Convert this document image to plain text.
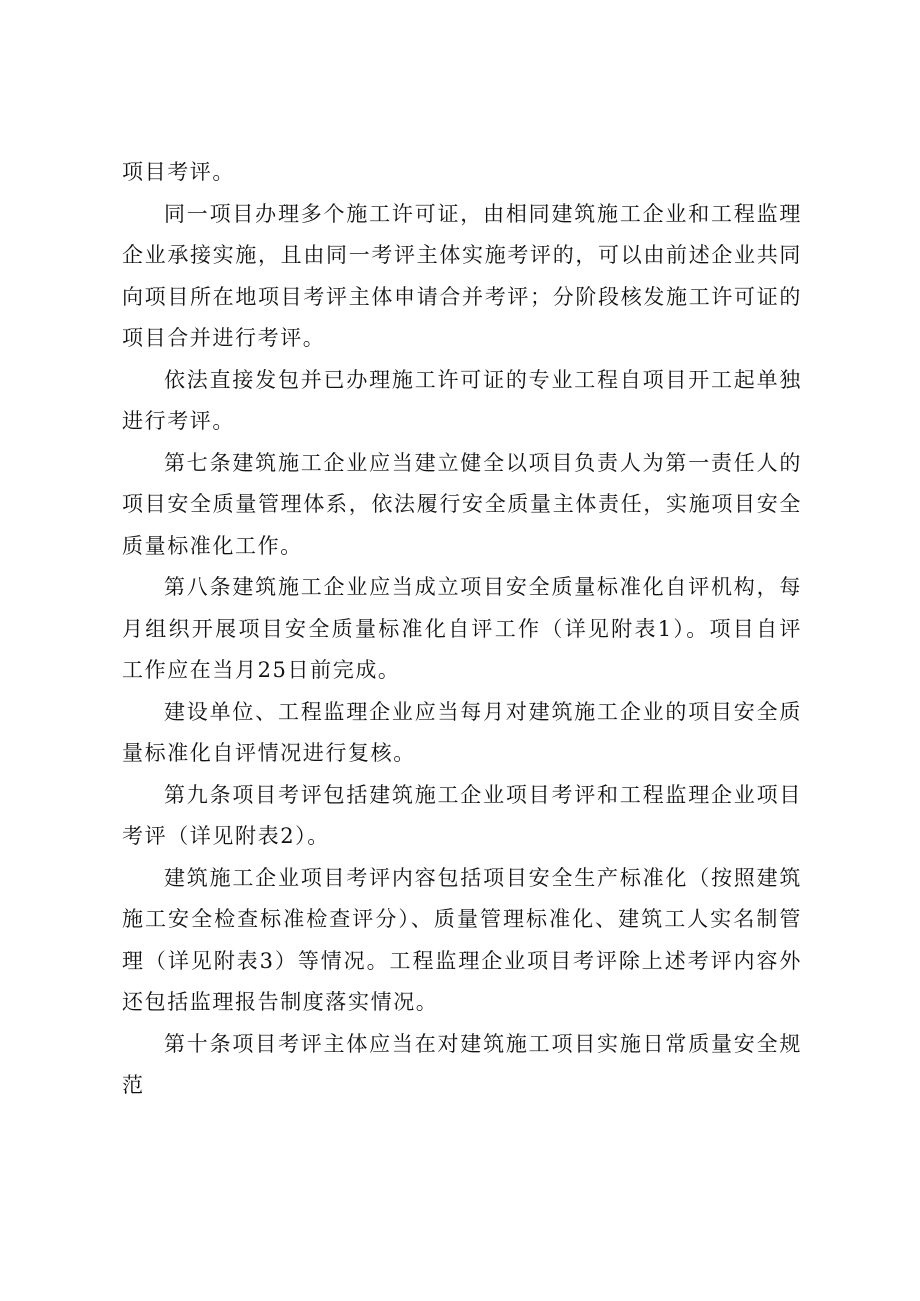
项目考评。

同一项目办理多个施工许可证，由相同建筑施工企业和工程监理企业承接实施，且由同一考评主体实施考评的，可以由前述企业共同向项目所在地项目考评主体申请合并考评；分阶段核发施工许可证的项目合并进行考评。

依法直接发包并已办理施工许可证的专业工程自项目开工起单独进行考评。

第七条建筑施工企业应当建立健全以项目负责人为第一责任人的项目安全质量管理体系，依法履行安全质量主体责任，实施项目安全质量标准化工作。

第八条建筑施工企业应当成立项目安全质量标准化自评机构，每月组织开展项目安全质量标准化自评工作（详见附表1）。项目自评工作应在当月25日前完成。

建设单位、工程监理企业应当每月对建筑施工企业的项目安全质量标准化自评情况进行复核。

第九条项目考评包括建筑施工企业项目考评和工程监理企业项目考评（详见附表2）。

建筑施工企业项目考评内容包括项目安全生产标准化（按照建筑施工安全检查标准检查评分）、质量管理标准化、建筑工人实名制管理（详见附表3）等情况。工程监理企业项目考评除上述考评内容外还包括监理报告制度落实情况。

第十条项目考评主体应当在对建筑施工项目实施日常质量安全规范
